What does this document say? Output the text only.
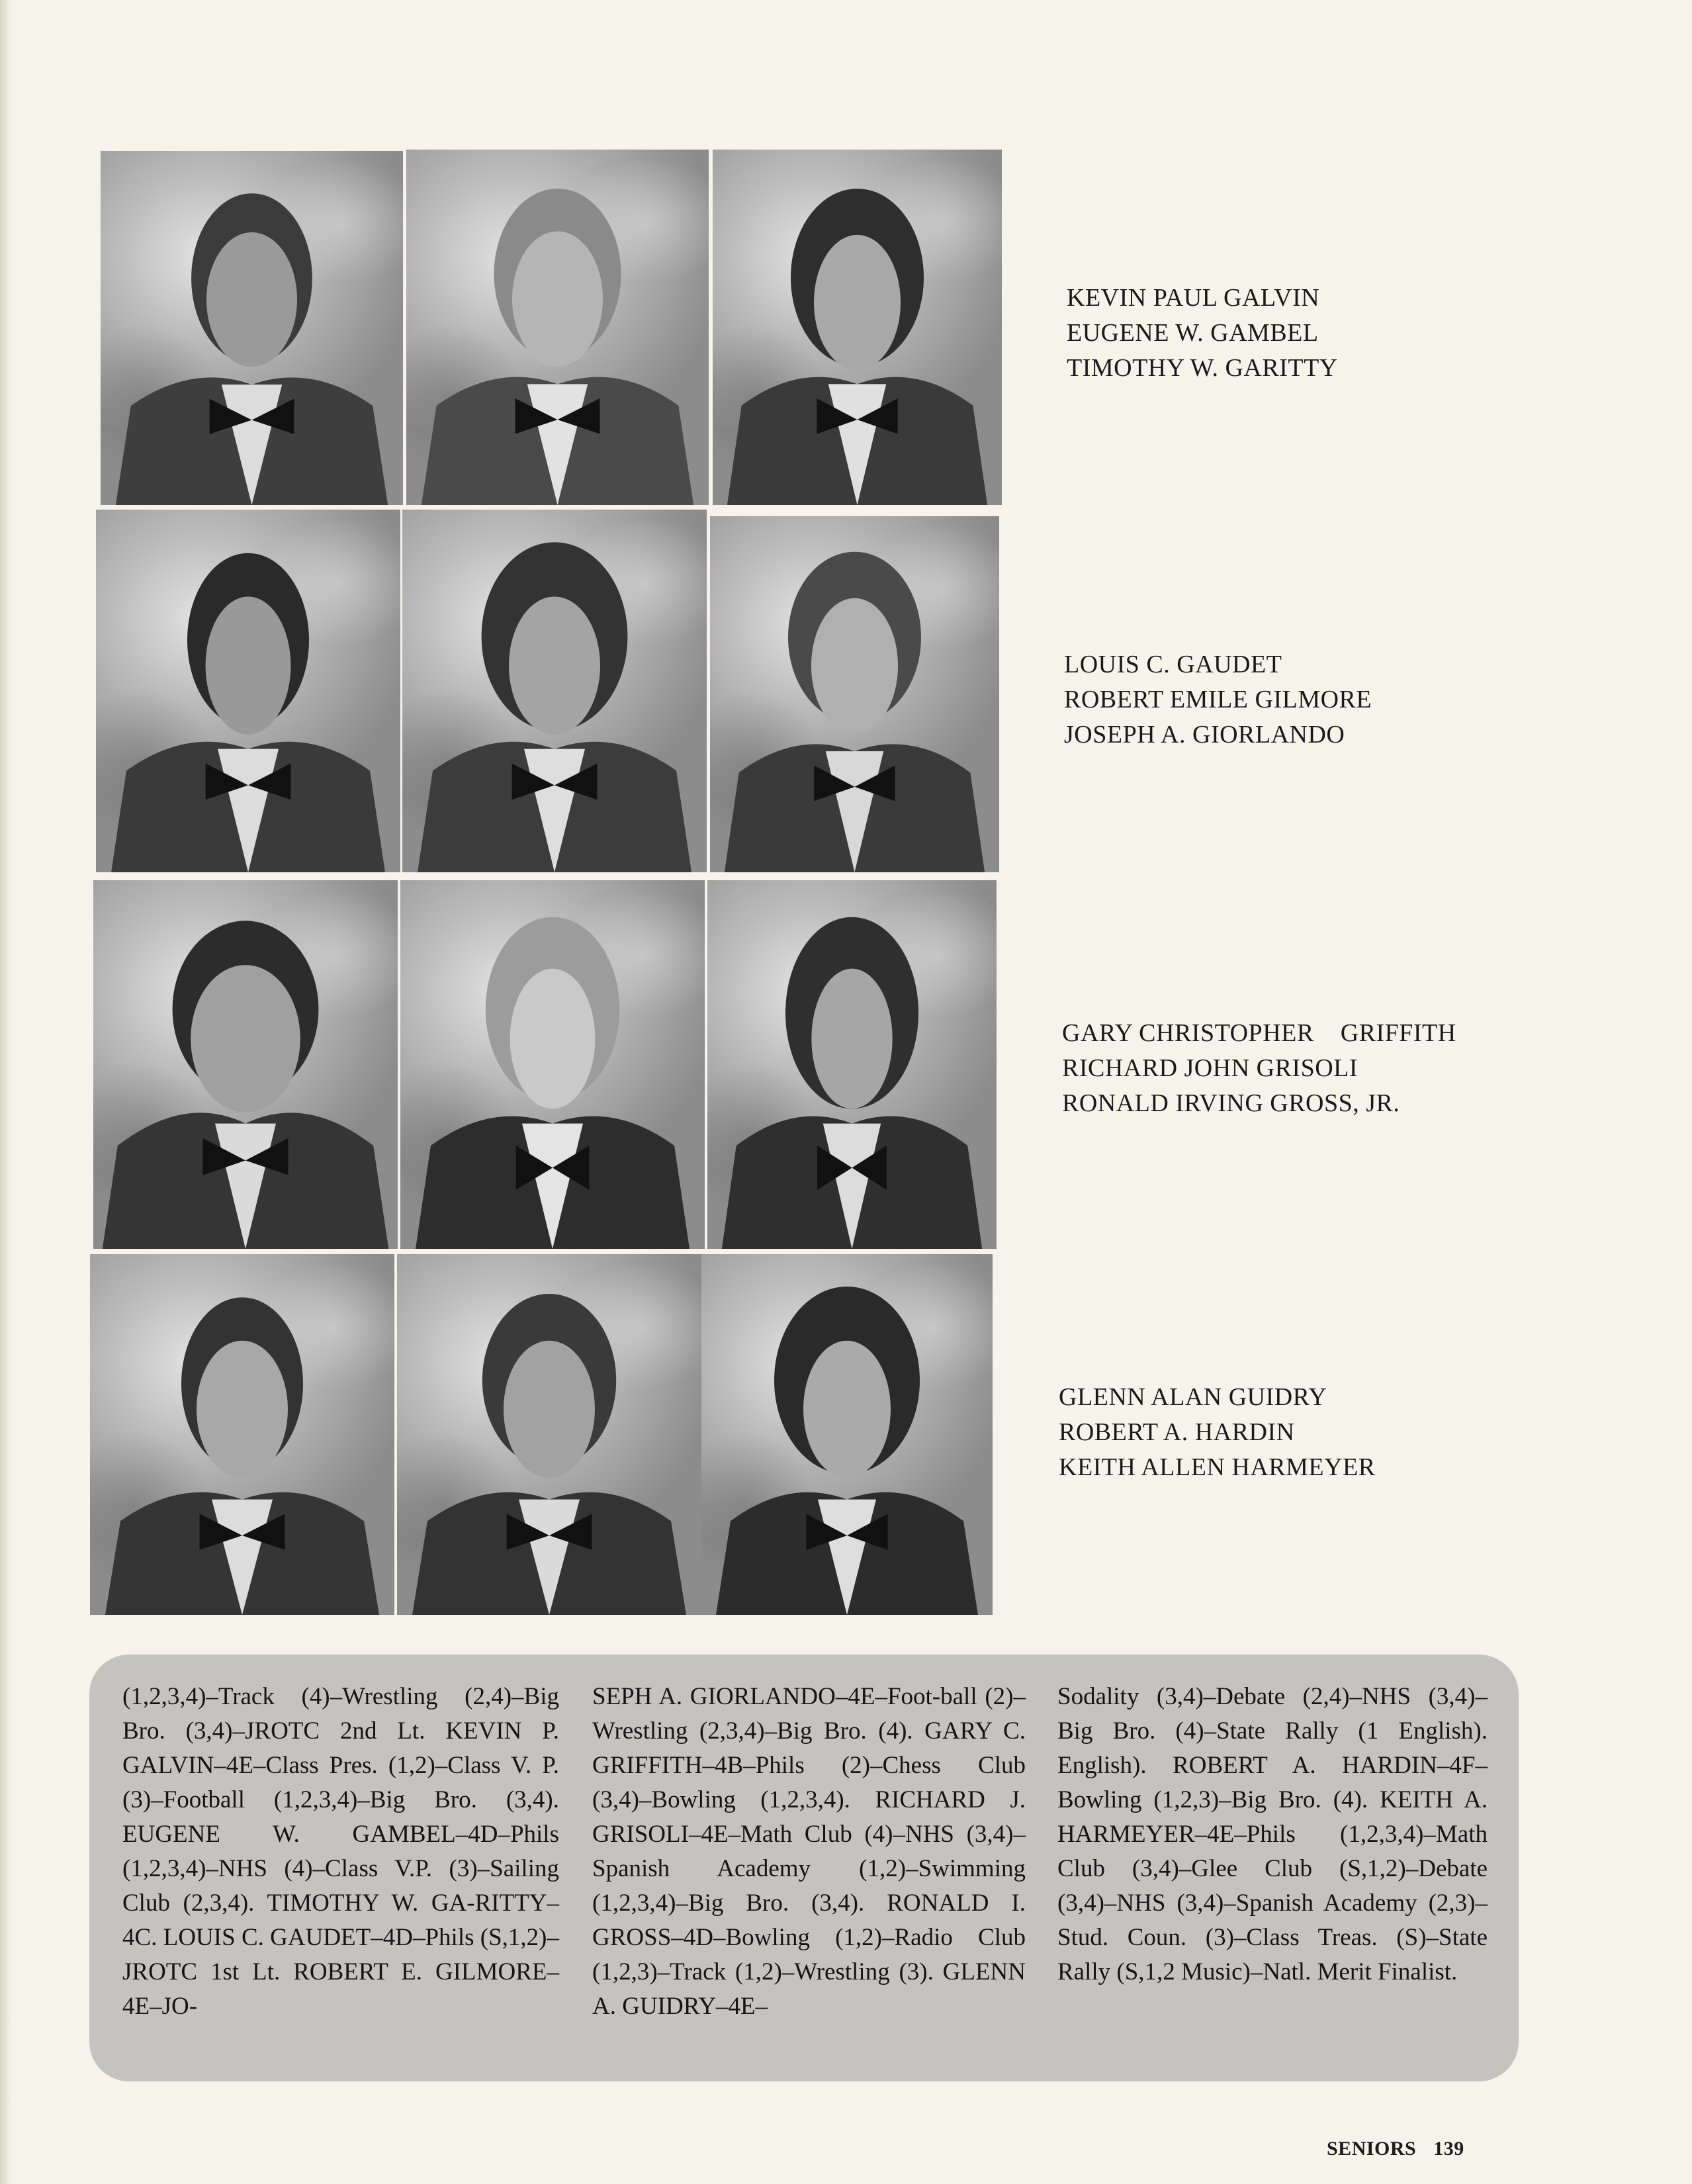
KEVIN PAUL GALVIN
EUGENE W. GAMBEL
TIMOTHY W. GARITTY
LOUIS C. GAUDET
ROBERT EMILE GILMORE
JOSEPH A. GIORLANDO
GARY CHRISTOPHER    GRIFFITH
RICHARD JOHN GRISOLI
RONALD IRVING GROSS, JR.
GLENN ALAN GUIDRY
ROBERT A. HARDIN
KEITH ALLEN HARMEYER
(1,2,3,4)–Track (4)–Wrestling (2,4)–Big Bro. (3,4)–JROTC 2nd Lt. KEVIN P. GALVIN–4E–Class Pres. (1,2)–Class V. P. (3)–Football (1,2,3,4)–Big Bro. (3,4). EUGENE W. GAMBEL–4D–Phils (1,2,3,4)–NHS (4)–Class V.P. (3)–Sailing Club (2,3,4). TIMOTHY W. GA-RITTY–4C. LOUIS C. GAUDET–4D–Phils (S,1,2)–JROTC 1st Lt. ROBERT E. GILMORE–4E–JO-
SEPH A. GIORLANDO–4E–Foot-ball (2)–Wrestling (2,3,4)–Big Bro. (4). GARY C. GRIFFITH–4B–Phils (2)–Chess Club (3,4)–Bowling (1,2,3,4). RICHARD J. GRISOLI–4E–Math Club (4)–NHS (3,4)–Spanish Academy (1,2)–Swimming (1,2,3,4)–Big Bro. (3,4). RONALD I. GROSS–4D–Bowling (1,2)–Radio Club (1,2,3)–Track (1,2)–Wrestling (3). GLENN A. GUIDRY–4E–
Sodality (3,4)–Debate (2,4)–NHS (3,4)–Big Bro. (4)–State Rally (1 English). English). ROBERT A. HARDIN–4F–Bowling (1,2,3)–Big Bro. (4). KEITH A. HARMEYER–4E–Phils (1,2,3,4)–Math Club (3,4)–Glee Club (S,1,2)–Debate (3,4)–NHS (3,4)–Spanish Academy (2,3)–Stud. Coun. (3)–Class Treas. (S)–State Rally (S,1,2 Music)–Natl. Merit Finalist.
SENIORS 139
